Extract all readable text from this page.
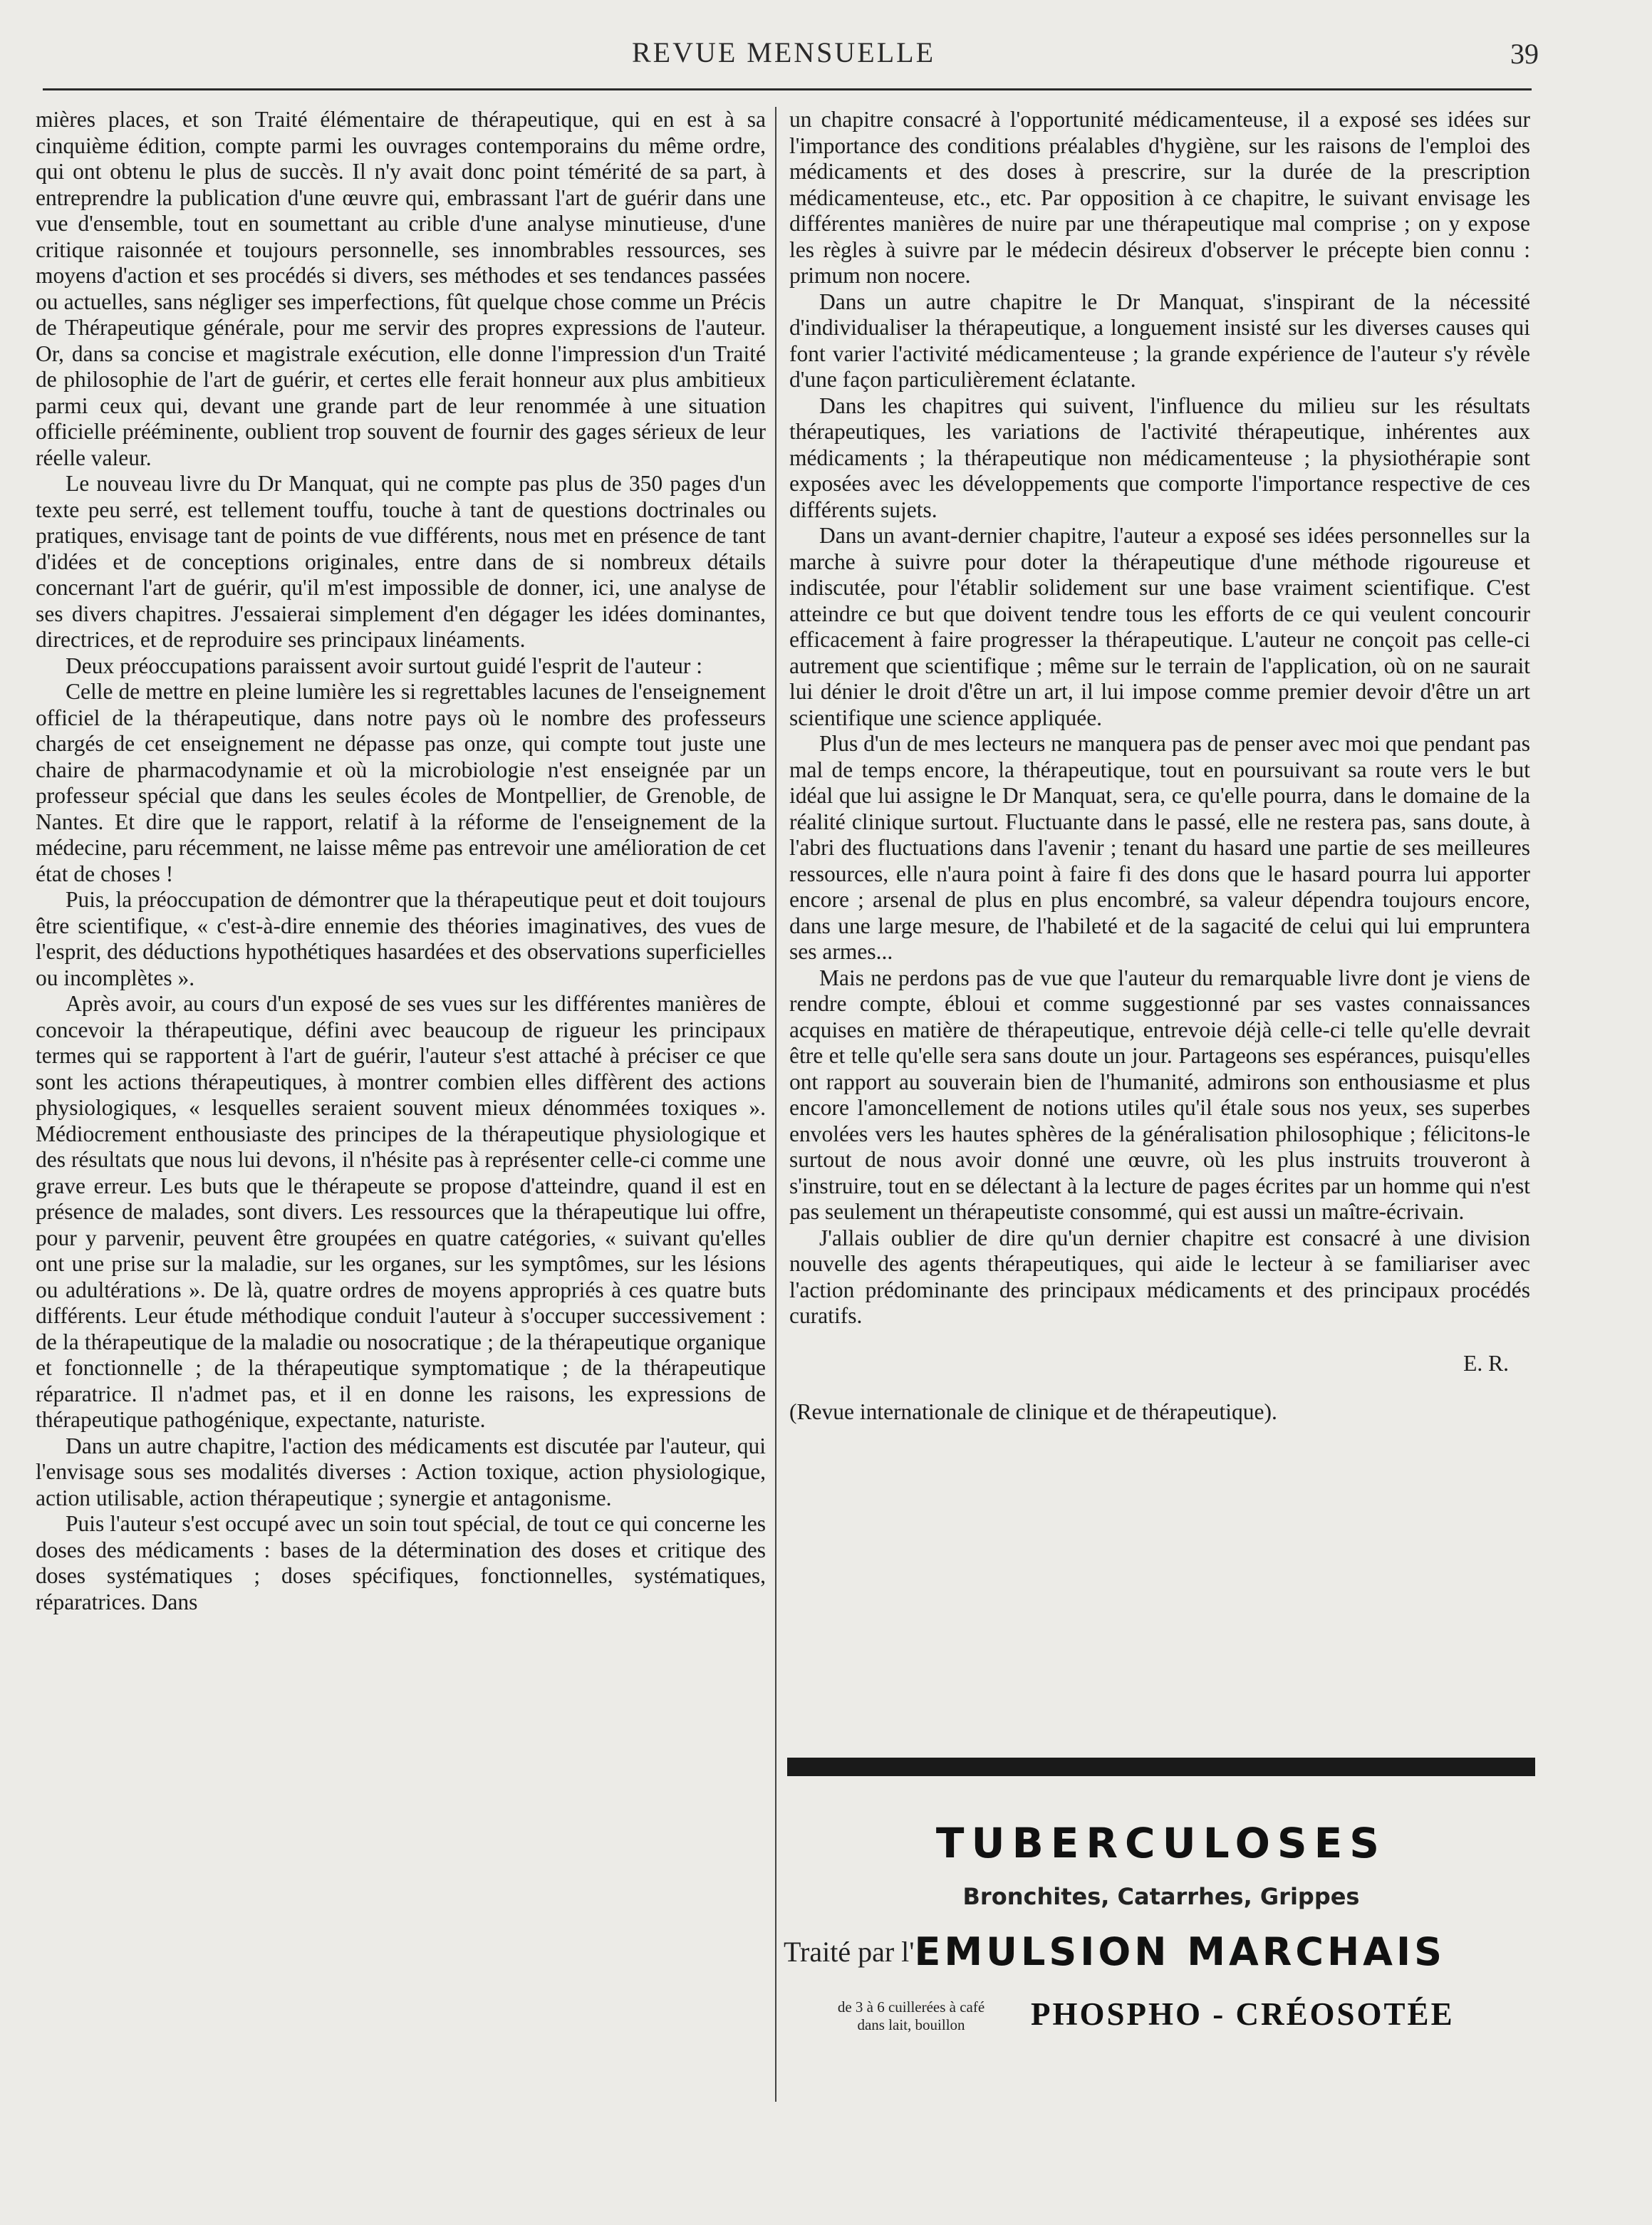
REVUE MENSUELLE	39

mières places, et son Traité élémentaire de thérapeutique, qui en est à sa cinquième édition, compte parmi les ouvrages contemporains du même ordre, qui ont obtenu le plus de succès. Il n'y avait donc point témérité de sa part, à entreprendre la publication d'une œuvre qui, embrassant l'art de guérir dans une vue d'ensemble, tout en soumettant au crible d'une analyse minutieuse, d'une critique raisonnée et toujours personnelle, ses innombrables ressources, ses moyens d'action et ses procédés si divers, ses méthodes et ses tendances passées ou actuelles, sans négliger ses imperfections, fût quelque chose comme un Précis de Thérapeutique générale, pour me servir des propres expressions de l'auteur. Or, dans sa concise et magistrale exécution, elle donne l'impression d'un Traité de philosophie de l'art de guérir, et certes elle ferait honneur aux plus ambitieux parmi ceux qui, devant une grande part de leur renommée à une situation officielle prééminente, oublient trop souvent de fournir des gages sérieux de leur réelle valeur.

Le nouveau livre du Dr Manquat, qui ne compte pas plus de 350 pages d'un texte peu serré, est tellement touffu, touche à tant de questions doctrinales ou pratiques, envisage tant de points de vue différents, nous met en présence de tant d'idées et de conceptions originales, entre dans de si nombreux détails concernant l'art de guérir, qu'il m'est impossible de donner, ici, une analyse de ses divers chapitres. J'essaierai simplement d'en dégager les idées dominantes, directrices, et de reproduire ses principaux linéaments.

Deux préoccupations paraissent avoir surtout guidé l'esprit de l'auteur :

Celle de mettre en pleine lumière les si regrettables lacunes de l'enseignement officiel de la thérapeutique, dans notre pays où le nombre des professeurs chargés de cet enseignement ne dépasse pas onze, qui compte tout juste une chaire de pharmacodynamie et où la microbiologie n'est enseignée par un professeur spécial que dans les seules écoles de Montpellier, de Grenoble, de Nantes. Et dire que le rapport, relatif à la réforme de l'enseignement de la médecine, paru récemment, ne laisse même pas entrevoir une amélioration de cet état de choses !

Puis, la préoccupation de démontrer que la thérapeutique peut et doit toujours être scientifique, « c'est-à-dire ennemie des théories imaginatives, des vues de l'esprit, des déductions hypothétiques hasardées et des observations superficielles ou incomplètes ».

Après avoir, au cours d'un exposé de ses vues sur les différentes manières de concevoir la thérapeutique, défini avec beaucoup de rigueur les principaux termes qui se rapportent à l'art de guérir, l'auteur s'est attaché à préciser ce que sont les actions thérapeutiques, à montrer combien elles diffèrent des actions physiologiques, « lesquelles seraient souvent mieux dénommées toxiques ». Médiocrement enthousiaste des principes de la thérapeutique physiologique et des résultats que nous lui devons, il n'hésite pas à représenter celle-ci comme une grave erreur. Les buts que le thérapeute se propose d'atteindre, quand il est en présence de malades, sont divers. Les ressources que la thérapeutique lui offre, pour y parvenir, peuvent être groupées en quatre catégories, « suivant qu'elles ont une prise sur la maladie, sur les organes, sur les symptômes, sur les lésions ou adultérations ». De là, quatre ordres de moyens appropriés à ces quatre buts différents. Leur étude méthodique conduit l'auteur à s'occuper successivement : de la thérapeutique de la maladie ou nosocratique ; de la thérapeutique organique et fonctionnelle ; de la thérapeutique symptomatique ; de la thérapeutique réparatrice. Il n'admet pas, et il en donne les raisons, les expressions de thérapeutique pathogénique, expectante, naturiste.

Dans un autre chapitre, l'action des médicaments est discutée par l'auteur, qui l'envisage sous ses modalités diverses : Action toxique, action physiologique, action utilisable, action thérapeutique ; synergie et antagonisme.

Puis l'auteur s'est occupé avec un soin tout spécial, de tout ce qui concerne les doses des médicaments : bases de la détermination des doses et critique des doses systématiques ; doses spécifiques, fonctionnelles, systématiques, réparatrices. Dans

un chapitre consacré à l'opportunité médicamenteuse, il a exposé ses idées sur l'importance des conditions préalables d'hygiène, sur les raisons de l'emploi des médicaments et des doses à prescrire, sur la durée de la prescription médicamenteuse, etc., etc. Par opposition à ce chapitre, le suivant envisage les différentes manières de nuire par une thérapeutique mal comprise ; on y expose les règles à suivre par le médecin désireux d'observer le précepte bien connu : primum non nocere.

Dans un autre chapitre le Dr Manquat, s'inspirant de la nécessité d'individualiser la thérapeutique, a longuement insisté sur les diverses causes qui font varier l'activité médicamenteuse ; la grande expérience de l'auteur s'y révèle d'une façon particulièrement éclatante.

Dans les chapitres qui suivent, l'influence du milieu sur les résultats thérapeutiques, les variations de l'activité thérapeutique, inhérentes aux médicaments ; la thérapeutique non médicamenteuse ; la physiothérapie sont exposées avec les développements que comporte l'importance respective de ces différents sujets.

Dans un avant-dernier chapitre, l'auteur a exposé ses idées personnelles sur la marche à suivre pour doter la thérapeutique d'une méthode rigoureuse et indiscutée, pour l'établir solidement sur une base vraiment scientifique. C'est atteindre ce but que doivent tendre tous les efforts de ce qui veulent concourir efficacement à faire progresser la thérapeutique. L'auteur ne conçoit pas celle-ci autrement que scientifique ; même sur le terrain de l'application, où on ne saurait lui dénier le droit d'être un art, il lui impose comme premier devoir d'être un art scientifique une science appliquée.

Plus d'un de mes lecteurs ne manquera pas de penser avec moi que pendant pas mal de temps encore, la thérapeutique, tout en poursuivant sa route vers le but idéal que lui assigne le Dr Manquat, sera, ce qu'elle pourra, dans le domaine de la réalité clinique surtout. Fluctuante dans le passé, elle ne restera pas, sans doute, à l'abri des fluctuations dans l'avenir ; tenant du hasard une partie de ses meilleures ressources, elle n'aura point à faire fi des dons que le hasard pourra lui apporter encore ; arsenal de plus en plus encombré, sa valeur dépendra toujours encore, dans une large mesure, de l'habileté et de la sagacité de celui qui lui empruntera ses armes...

Mais ne perdons pas de vue que l'auteur du remarquable livre dont je viens de rendre compte, ébloui et comme suggestionné par ses vastes connaissances acquises en matière de thérapeutique, entrevoie déjà celle-ci telle qu'elle devrait être et telle qu'elle sera sans doute un jour. Partageons ses espérances, puisqu'elles ont rapport au souverain bien de l'humanité, admirons son enthousiasme et plus encore l'amoncellement de notions utiles qu'il étale sous nos yeux, ses superbes envolées vers les hautes sphères de la généralisation philosophique ; félicitons-le surtout de nous avoir donné une œuvre, où les plus instruits trouveront à s'instruire, tout en se délectant à la lecture de pages écrites par un homme qui n'est pas seulement un thérapeutiste consommé, qui est aussi un maître-écrivain.

J'allais oublier de dire qu'un dernier chapitre est consacré à une division nouvelle des agents thérapeutiques, qui aide le lecteur à se familiariser avec l'action prédominante des principaux médicaments et des principaux procédés curatifs.

E. R.

(Revue internationale de clinique et de thérapeutique).

TUBERCULOSES
Bronchites, Catarrhes, Grippes
Traité par l'EMULSION MARCHAIS
de 3 à 6 cuillerées à café
dans lait, bouillon	PHOSPHO - CRÉOSOTÉE
